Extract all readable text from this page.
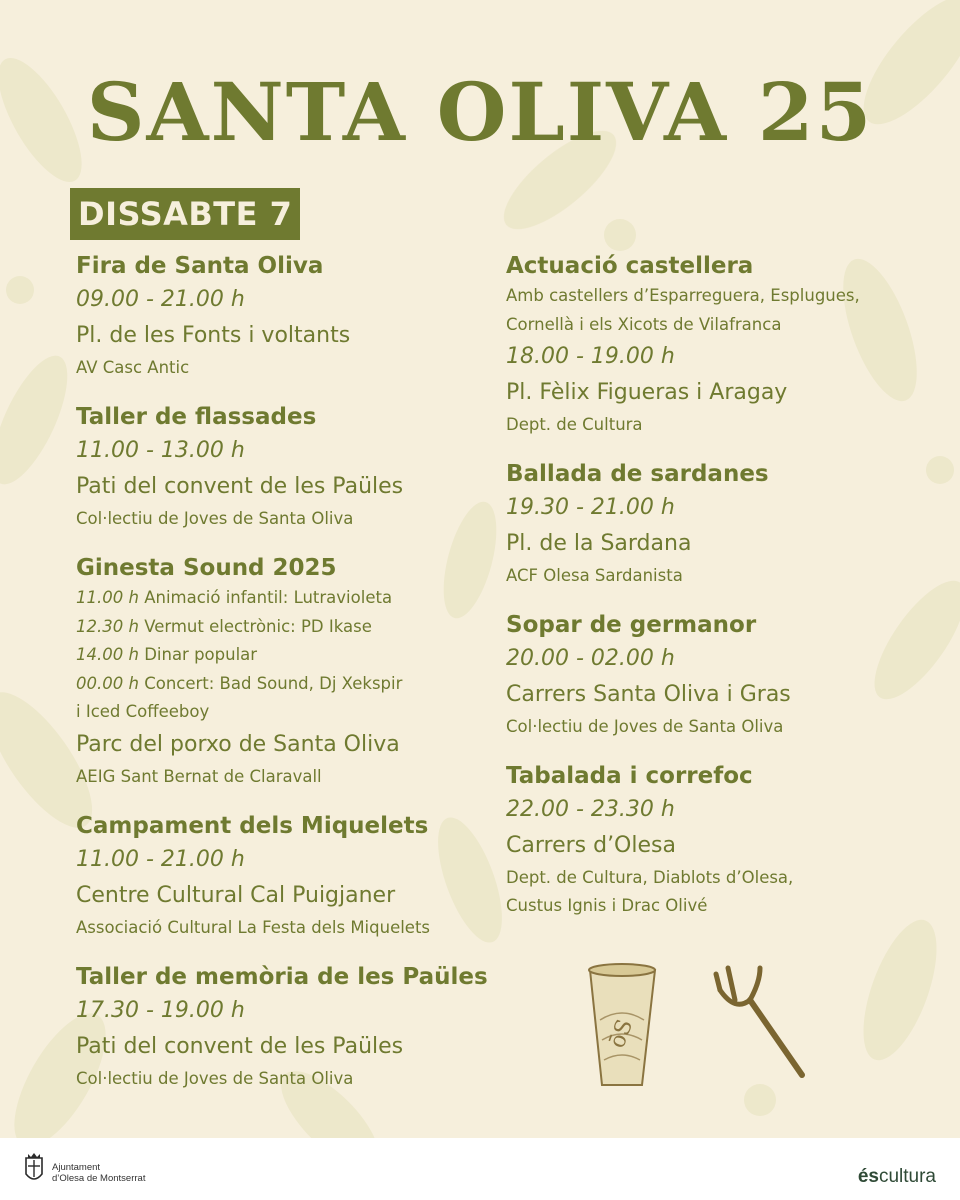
SANTA OLIVA 25
DISSABTE 7
Fira de Santa Oliva
09.00 - 21.00 h
Pl. de les Fonts i voltants
AV Casc Antic
Taller de flassades
11.00 - 13.00 h
Pati del convent de les Paüles
Col·lectiu de Joves de Santa Oliva
Ginesta Sound 2025
11.00 h Animació infantil: Lutravioleta
12.30 h Vermut electrònic: PD Ikase
14.00 h Dinar popular
00.00 h Concert: Bad Sound, Dj Xekspir
i Iced Coffeeboy
Parc del porxo de Santa Oliva
AEIG Sant Bernat de Claravall
Campament dels Miquelets
11.00 - 21.00 h
Centre Cultural Cal Puigjaner
Associació Cultural La Festa dels Miquelets
Taller de memòria de les Paüles
17.30 - 19.00 h
Pati del convent de les Paüles
Col·lectiu de Joves de Santa Oliva
Actuació castellera
Amb castellers d’Esparreguera, Esplugues,
Cornellà i els Xicots de Vilafranca
18.00 - 19.00 h
Pl. Fèlix Figueras i Aragay
Dept. de Cultura
Ballada de sardanes
19.30 - 21.00 h
Pl. de la Sardana
ACF Olesa Sardanista
Sopar de germanor
20.00 - 02.00 h
Carrers Santa Oliva i Gras
Col·lectiu de Joves de Santa Oliva
Tabalada i correfoc
22.00 - 23.30 h
Carrers d’Olesa
Dept. de Cultura, Diablots d’Olesa,
Custus Ignis i Drac Olivé
ōS
Ajuntament
d’Olesa de Montserrat	éscultura
